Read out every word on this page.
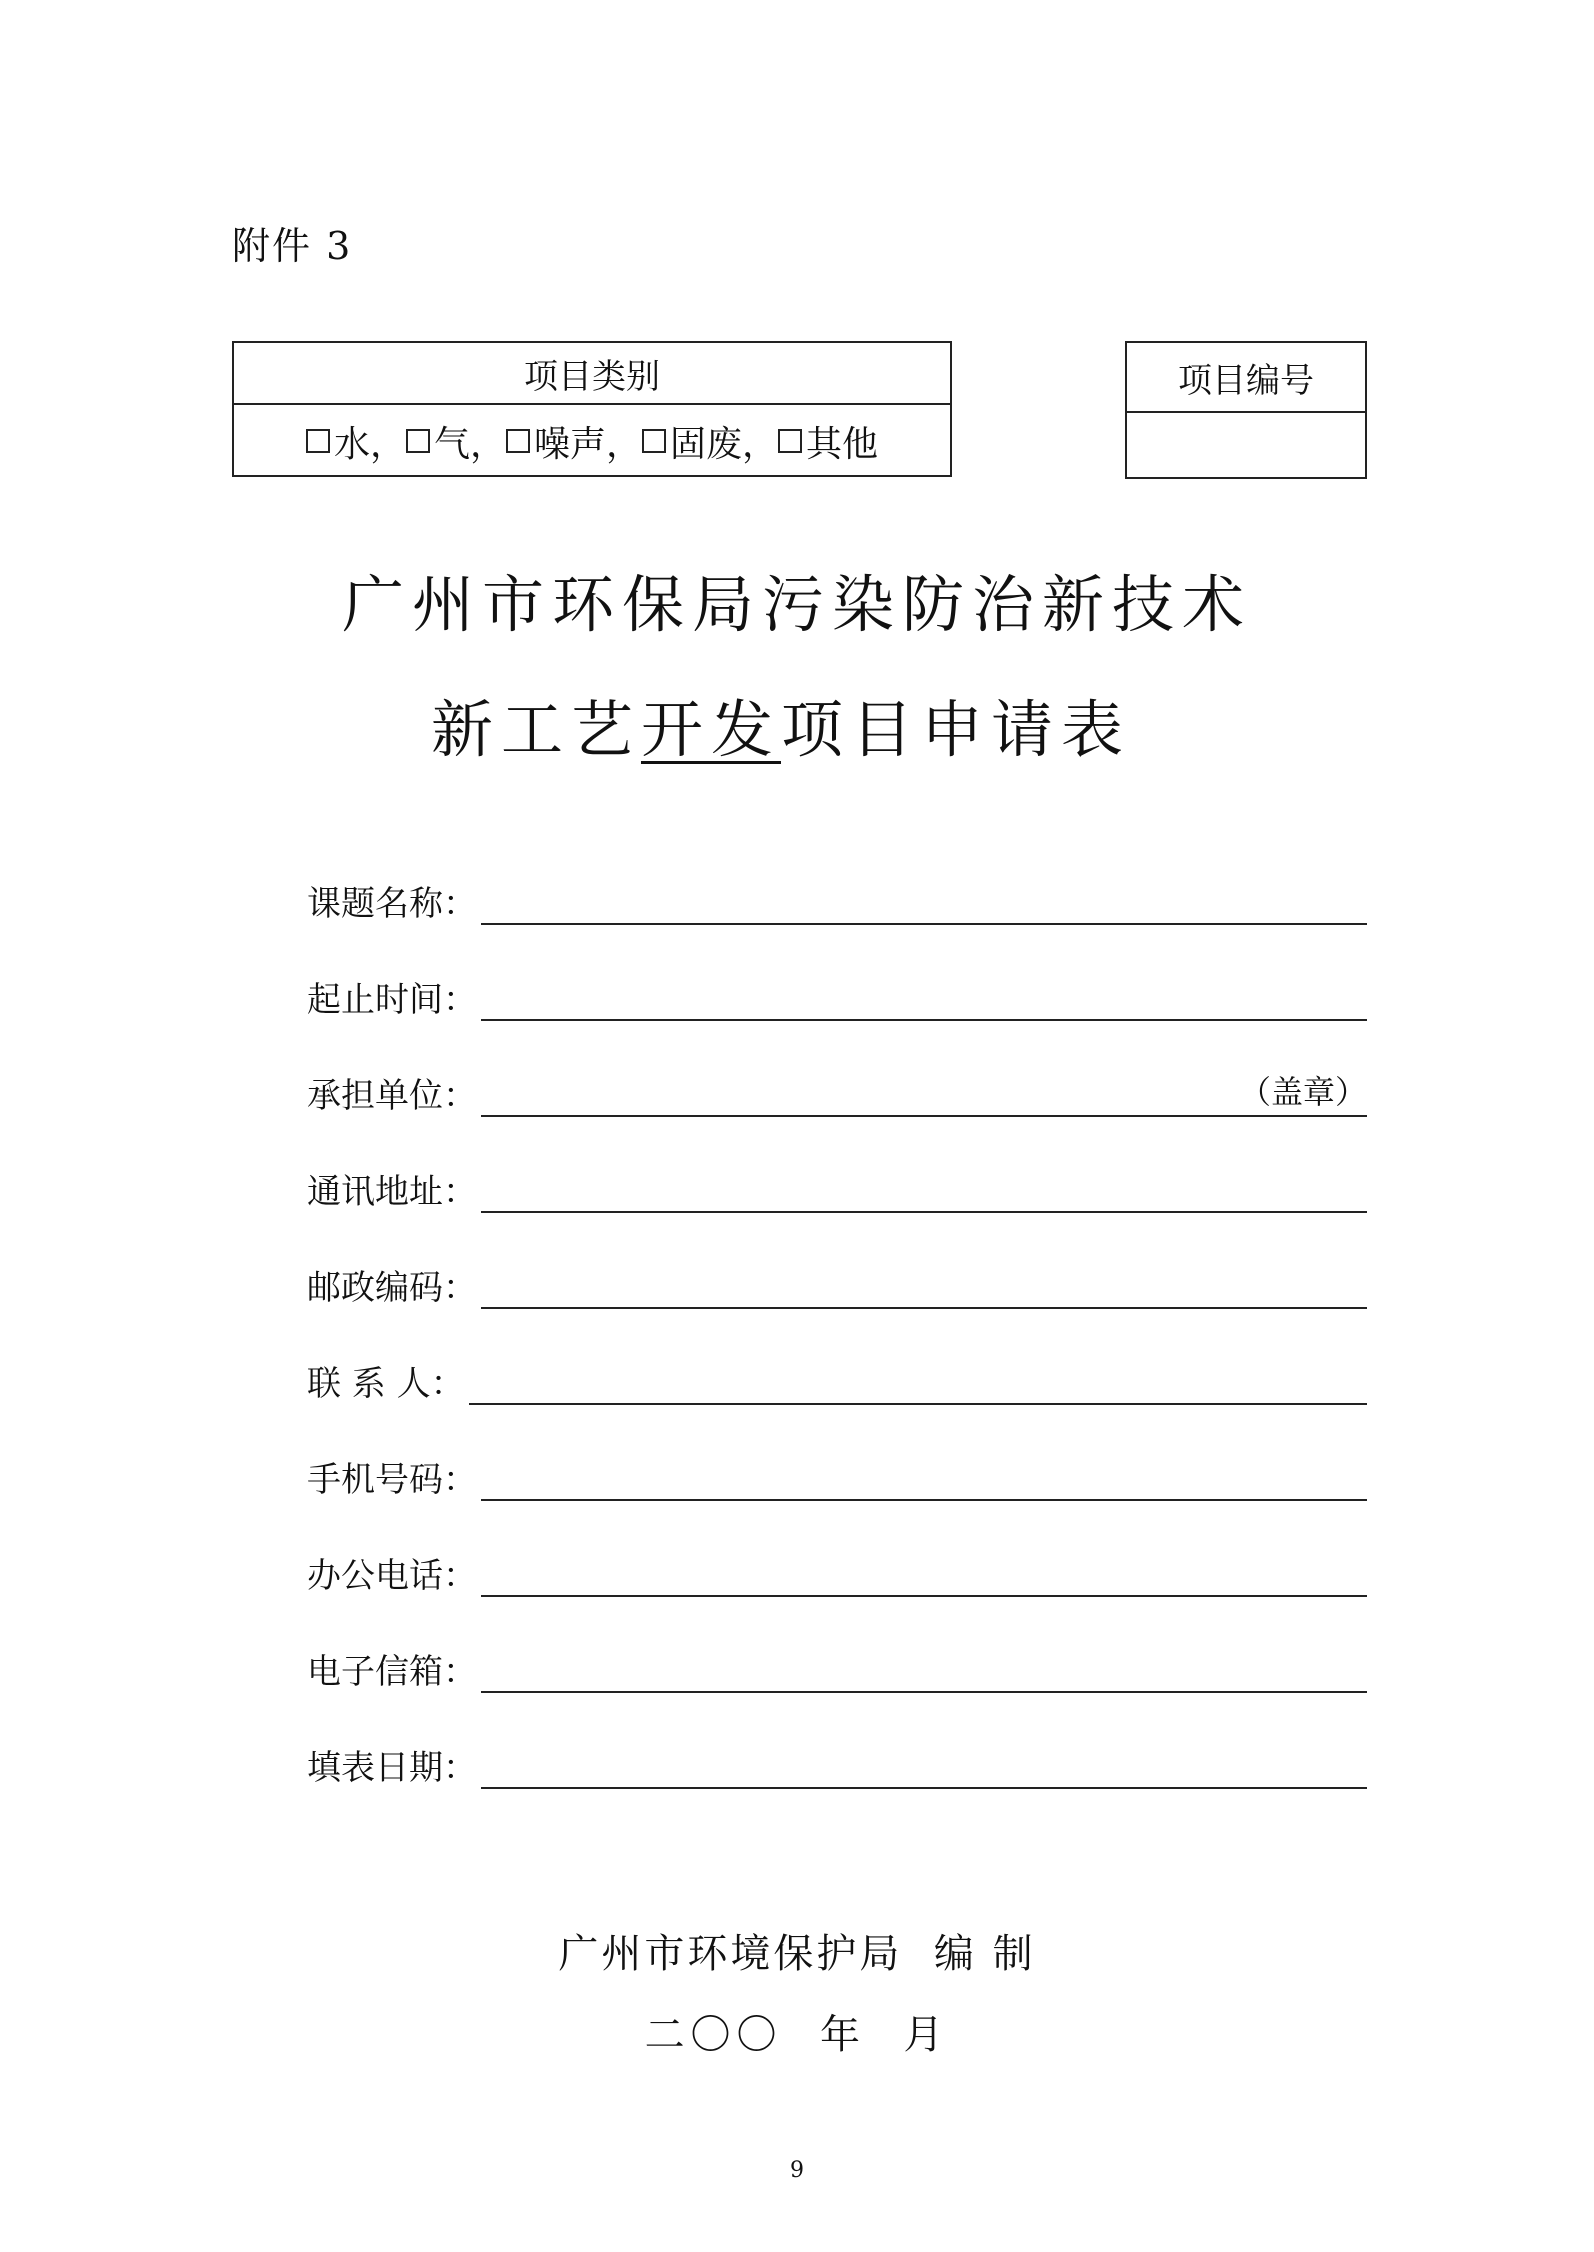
附件 3
项目类别
水， 气， 噪声， 固废， 其他
项目编号
广州市环保局污染防治新技术
新工艺开发项目申请表
课题名称：
起止时间：
承担单位：	（盖章）
通讯地址：
邮政编码：
联 系 人：
手机号码：
办公电话：
电子信箱：
填表日期：
广州市环境保护局  编 制
二〇〇  年  月
9
